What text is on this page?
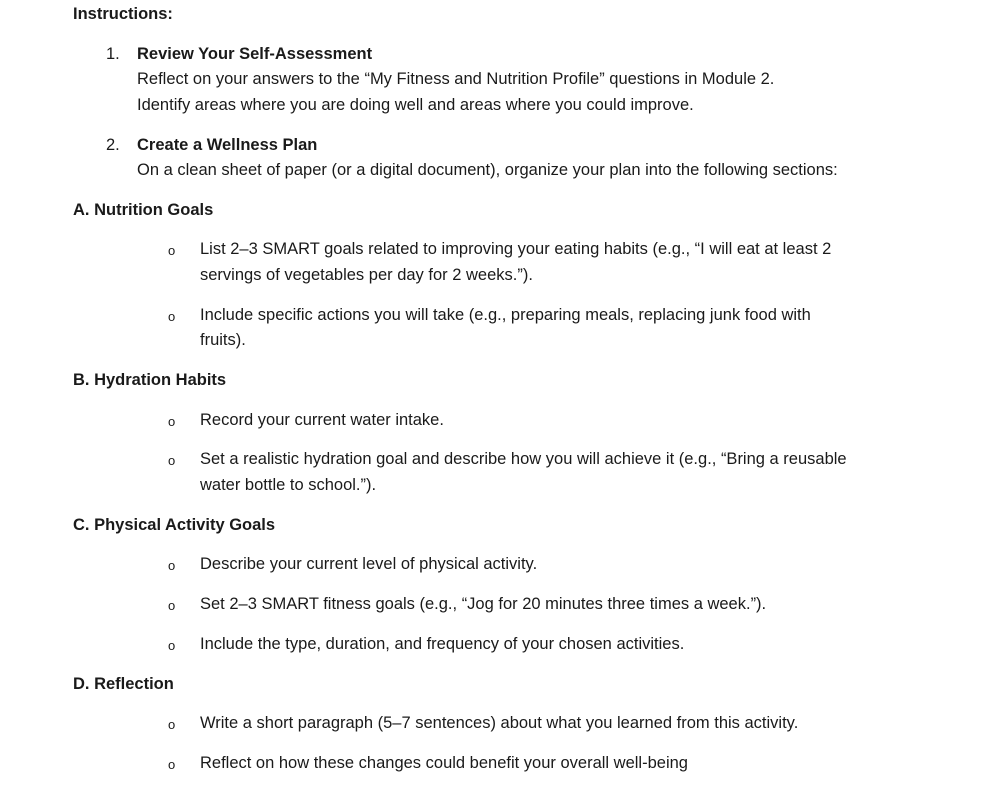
Instructions:
1. Review Your Self-Assessment
Reflect on your answers to the “My Fitness and Nutrition Profile” questions in Module 2.
Identify areas where you are doing well and areas where you could improve.
2. Create a Wellness Plan
On a clean sheet of paper (or a digital document), organize your plan into the following sections:
A. Nutrition Goals
o List 2–3 SMART goals related to improving your eating habits (e.g., “I will eat at least 2
servings of vegetables per day for 2 weeks.”).
o Include specific actions you will take (e.g., preparing meals, replacing junk food with
fruits).
B. Hydration Habits
o Record your current water intake.
o Set a realistic hydration goal and describe how you will achieve it (e.g., “Bring a reusable
water bottle to school.”).
C. Physical Activity Goals
o Describe your current level of physical activity.
o Set 2–3 SMART fitness goals (e.g., “Jog for 20 minutes three times a week.”).
o Include the type, duration, and frequency of your chosen activities.
D. Reflection
o Write a short paragraph (5–7 sentences) about what you learned from this activity.
o Reflect on how these changes could benefit your overall well-being
